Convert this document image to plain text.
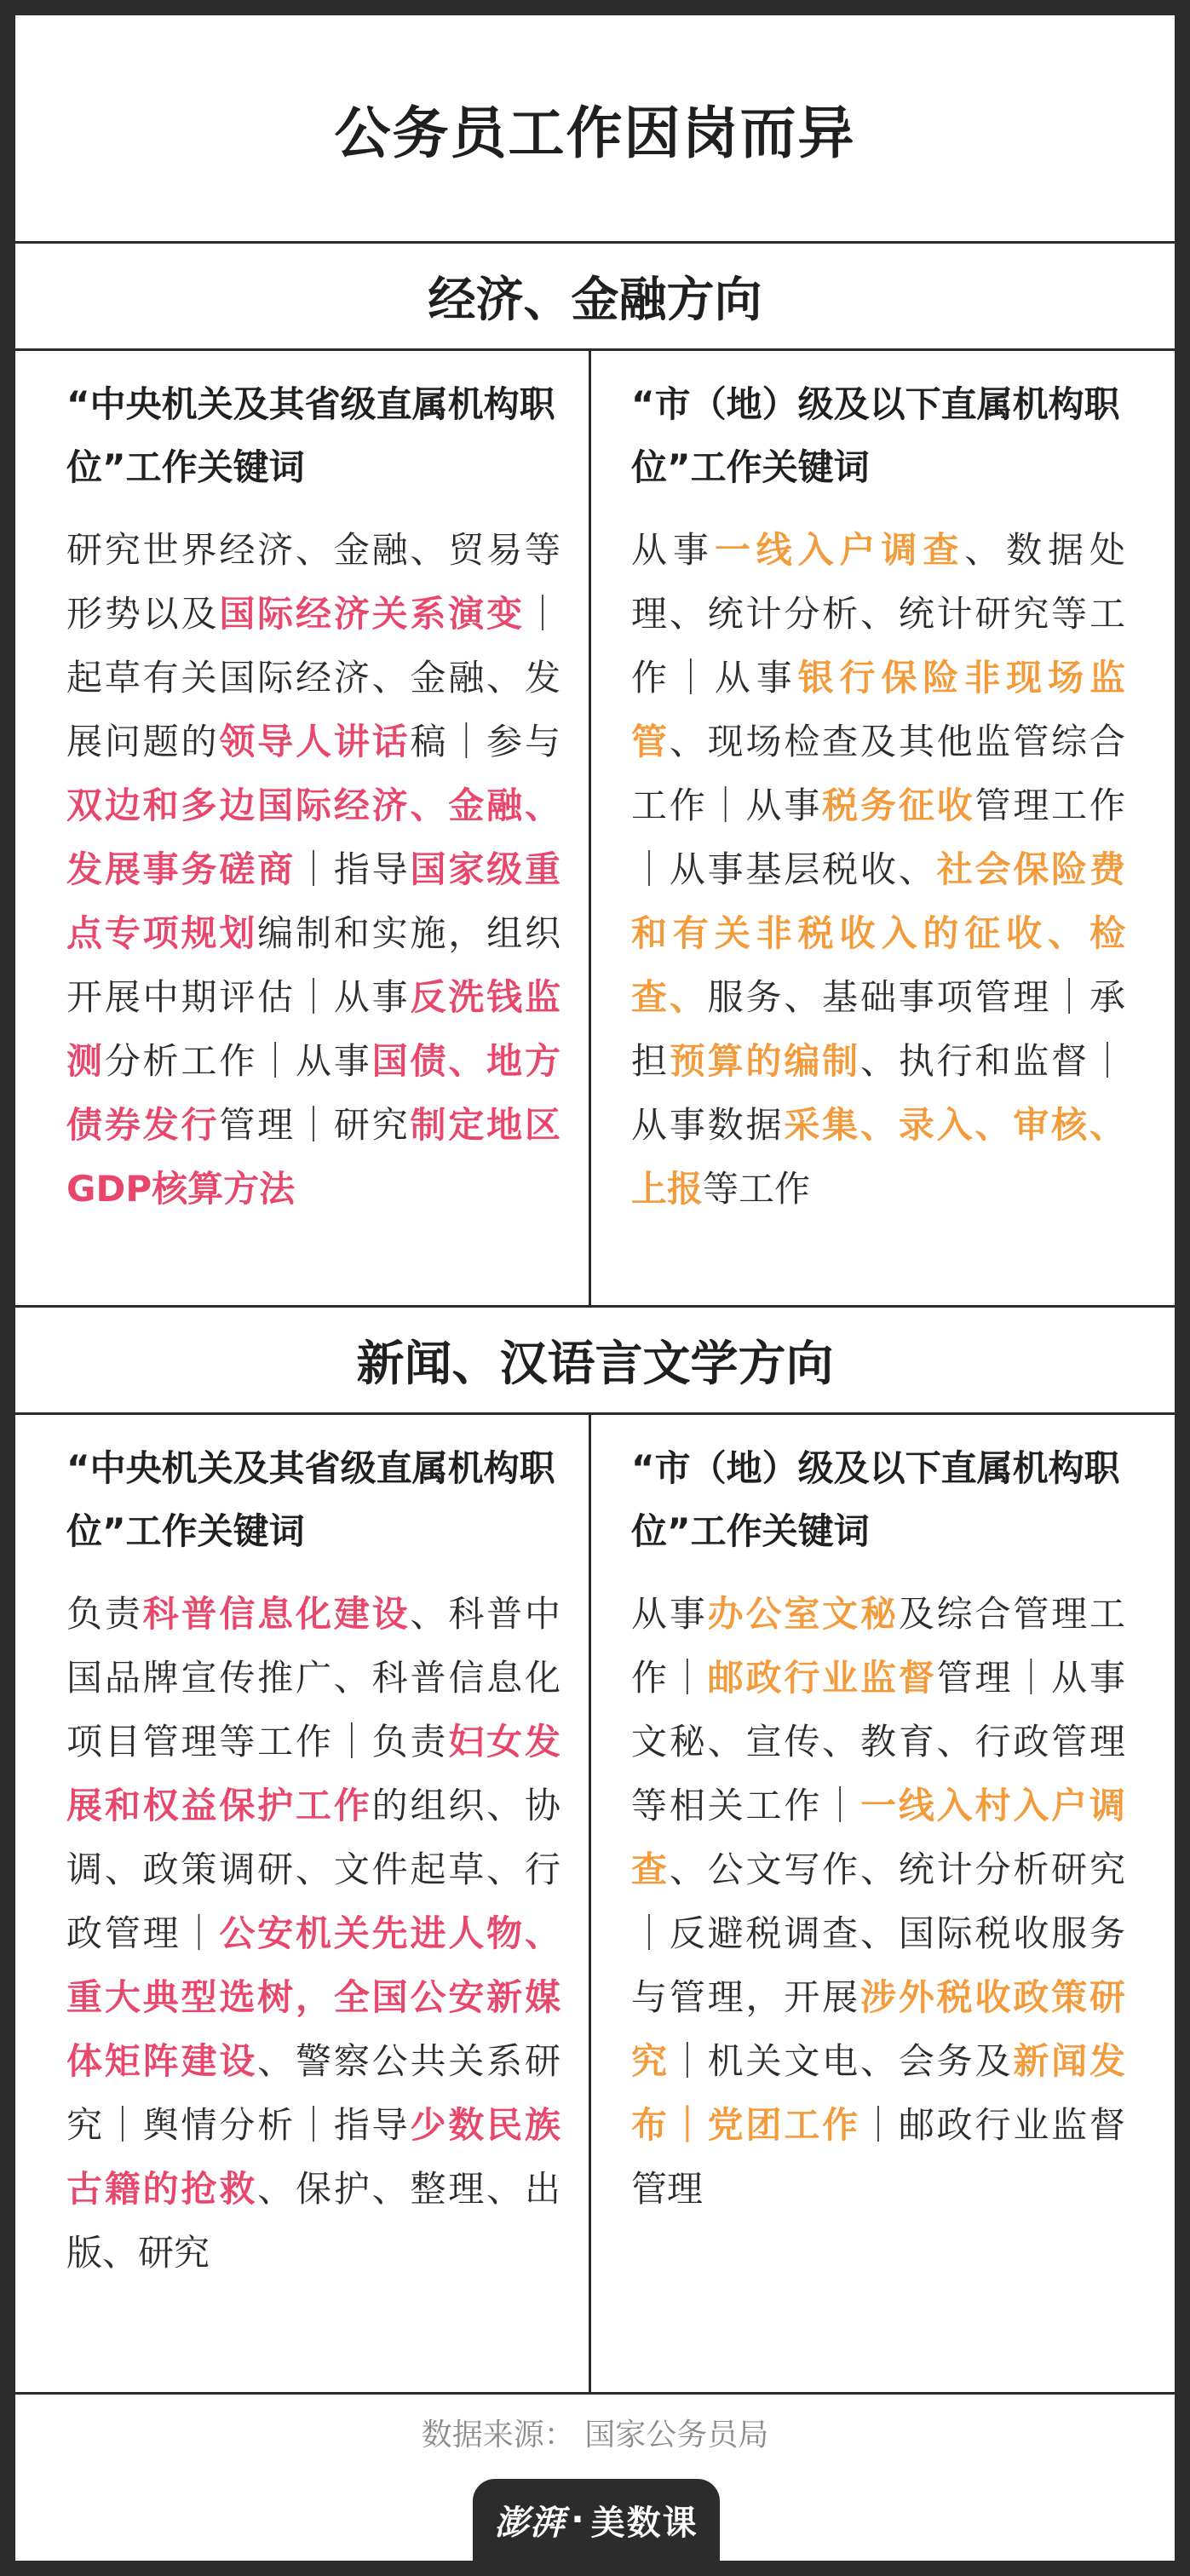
公务员工作因岗而异
经济、金融方向

“中央机关及其省级直属机构职位”工作关键词

研究世界经济、金融、贸易等形势以及国际经济关系演变｜起草有关国际经济、金融、发展问题的领导人讲话稿｜参与双边和多边国际经济、金融、发展事务磋商｜指导国家级重点专项规划编制和实施，组织开展中期评估｜从事反洗钱监测分析工作｜从事国债、地方债券发行管理｜研究制定地区GDP核算方法

“市（地）级及以下直属机构职位”工作关键词

从事一线入户调查、数据处理、统计分析、统计研究等工作｜从事银行保险非现场监管、现场检查及其他监管综合工作｜从事税务征收管理工作｜从事基层税收、社会保险费和有关非税收入的征收、检查、服务、基础事项管理｜承担预算的编制、执行和监督｜从事数据采集、录入、审核、上报等工作

新闻、汉语言文学方向

“中央机关及其省级直属机构职位”工作关键词

负责科普信息化建设、科普中国品牌宣传推广、科普信息化项目管理等工作｜负责妇女发展和权益保护工作的组织、协调、政策调研、文件起草、行政管理｜公安机关先进人物、重大典型选树，全国公安新媒体矩阵建设、警察公共关系研究｜舆情分析｜指导少数民族古籍的抢救、保护、整理、出版、研究

“市（地）级及以下直属机构职位”工作关键词

从事办公室文秘及综合管理工作｜邮政行业监督管理｜从事文秘、宣传、教育、行政管理等相关工作｜一线入村入户调查、公文写作、统计分析研究｜反避税调查、国际税收服务与管理，开展涉外税收政策研究｜机关文电、会务及新闻发布｜党团工作｜邮政行业监督管理

数据来源： 国家公务员局
澎湃 · 美数课
